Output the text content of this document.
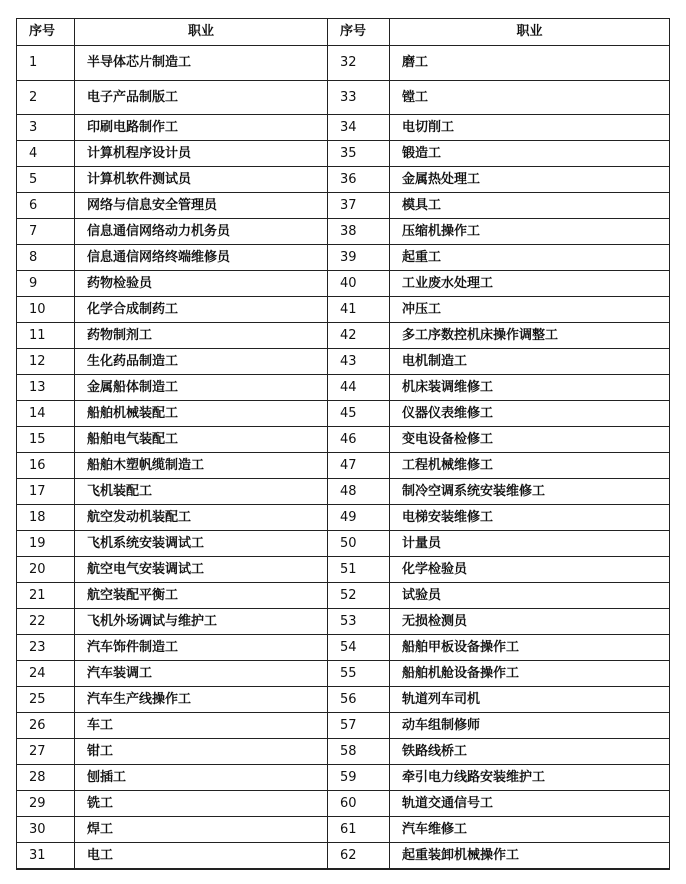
序号	职业	序号	职业
1	半导体芯片制造工	32	磨工
2	电子产品制版工	33	镗工
3	印刷电路制作工	34	电切削工
4	计算机程序设计员	35	锻造工
5	计算机软件测试员	36	金属热处理工
6	网络与信息安全管理员	37	模具工
7	信息通信网络动力机务员	38	压缩机操作工
8	信息通信网络终端维修员	39	起重工
9	药物检验员	40	工业废水处理工
10	化学合成制药工	41	冲压工
11	药物制剂工	42	多工序数控机床操作调整工
12	生化药品制造工	43	电机制造工
13	金属船体制造工	44	机床装调维修工
14	船舶机械装配工	45	仪器仪表维修工
15	船舶电气装配工	46	变电设备检修工
16	船舶木塑帆缆制造工	47	工程机械维修工
17	飞机装配工	48	制冷空调系统安装维修工
18	航空发动机装配工	49	电梯安装维修工
19	飞机系统安装调试工	50	计量员
20	航空电气安装调试工	51	化学检验员
21	航空装配平衡工	52	试验员
22	飞机外场调试与维护工	53	无损检测员
23	汽车饰件制造工	54	船舶甲板设备操作工
24	汽车装调工	55	船舶机舱设备操作工
25	汽车生产线操作工	56	轨道列车司机
26	车工	57	动车组制修师
27	钳工	58	铁路线桥工
28	刨插工	59	牵引电力线路安装维护工
29	铣工	60	轨道交通信号工
30	焊工	61	汽车维修工
31	电工	62	起重装卸机械操作工
